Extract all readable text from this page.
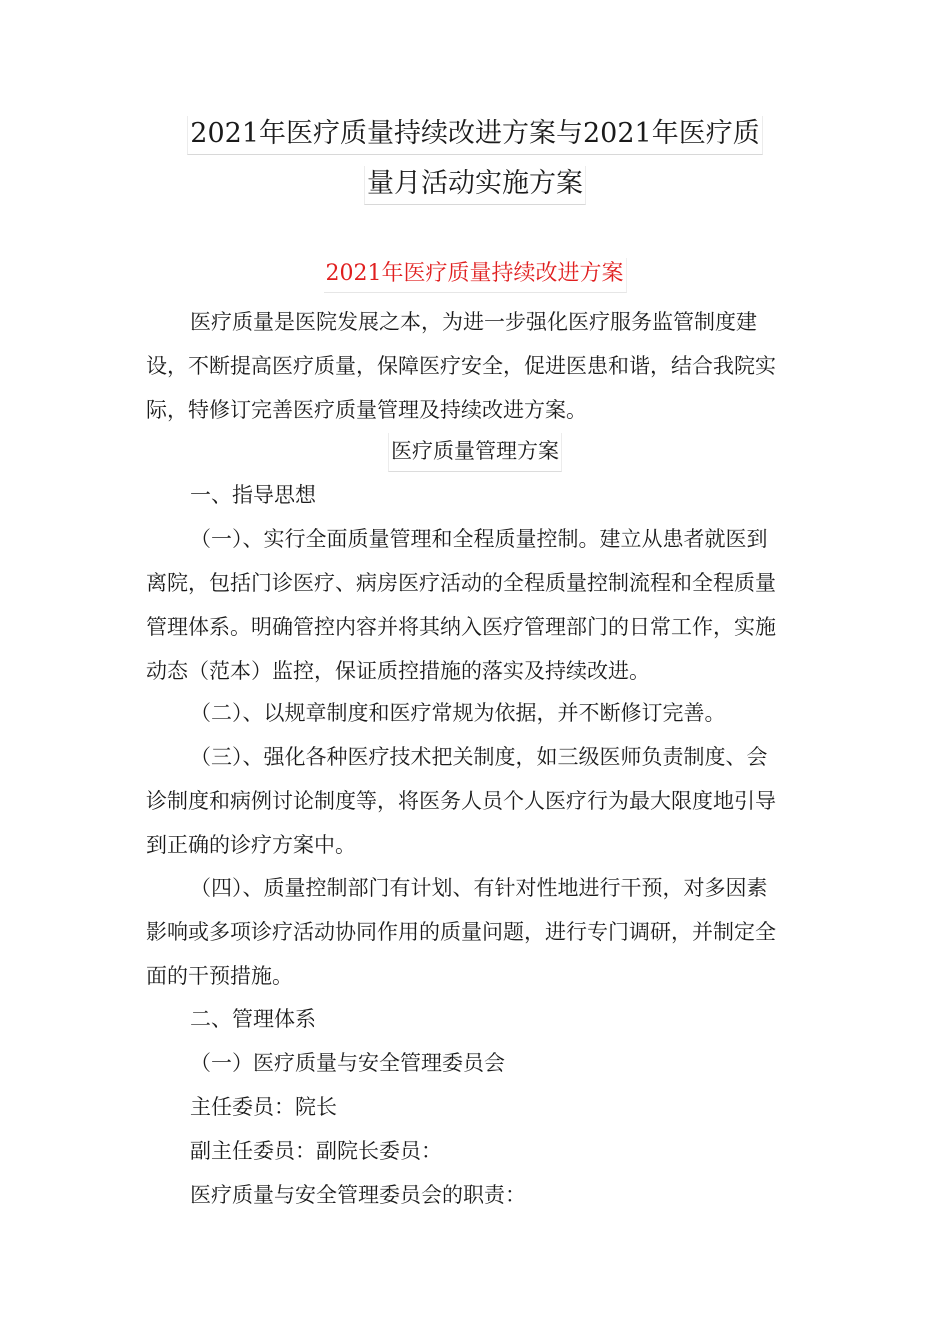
2021年医疗质量持续改进方案与2021年医疗质
量月活动实施方案
2021年医疗质量持续改进方案
医疗质量是医院发展之本，为进一步强化医疗服务监管制度建
设，不断提高医疗质量，保障医疗安全，促进医患和谐，结合我院实
际，特修订完善医疗质量管理及持续改进方案。
医疗质量管理方案
一、指导思想
（一）、实行全面质量管理和全程质量控制。建立从患者就医到
离院，包括门诊医疗、病房医疗活动的全程质量控制流程和全程质量
管理体系。明确管控内容并将其纳入医疗管理部门的日常工作，实施
动态（范本）监控，保证质控措施的落实及持续改进。
（二）、以规章制度和医疗常规为依据，并不断修订完善。
（三）、强化各种医疗技术把关制度，如三级医师负责制度、会
诊制度和病例讨论制度等，将医务人员个人医疗行为最大限度地引导
到正确的诊疗方案中。
（四）、质量控制部门有计划、有针对性地进行干预，对多因素
影响或多项诊疗活动协同作用的质量问题，进行专门调研，并制定全
面的干预措施。
二、管理体系
（一）医疗质量与安全管理委员会
主任委员：院长
副主任委员：副院长委员：
医疗质量与安全管理委员会的职责：
